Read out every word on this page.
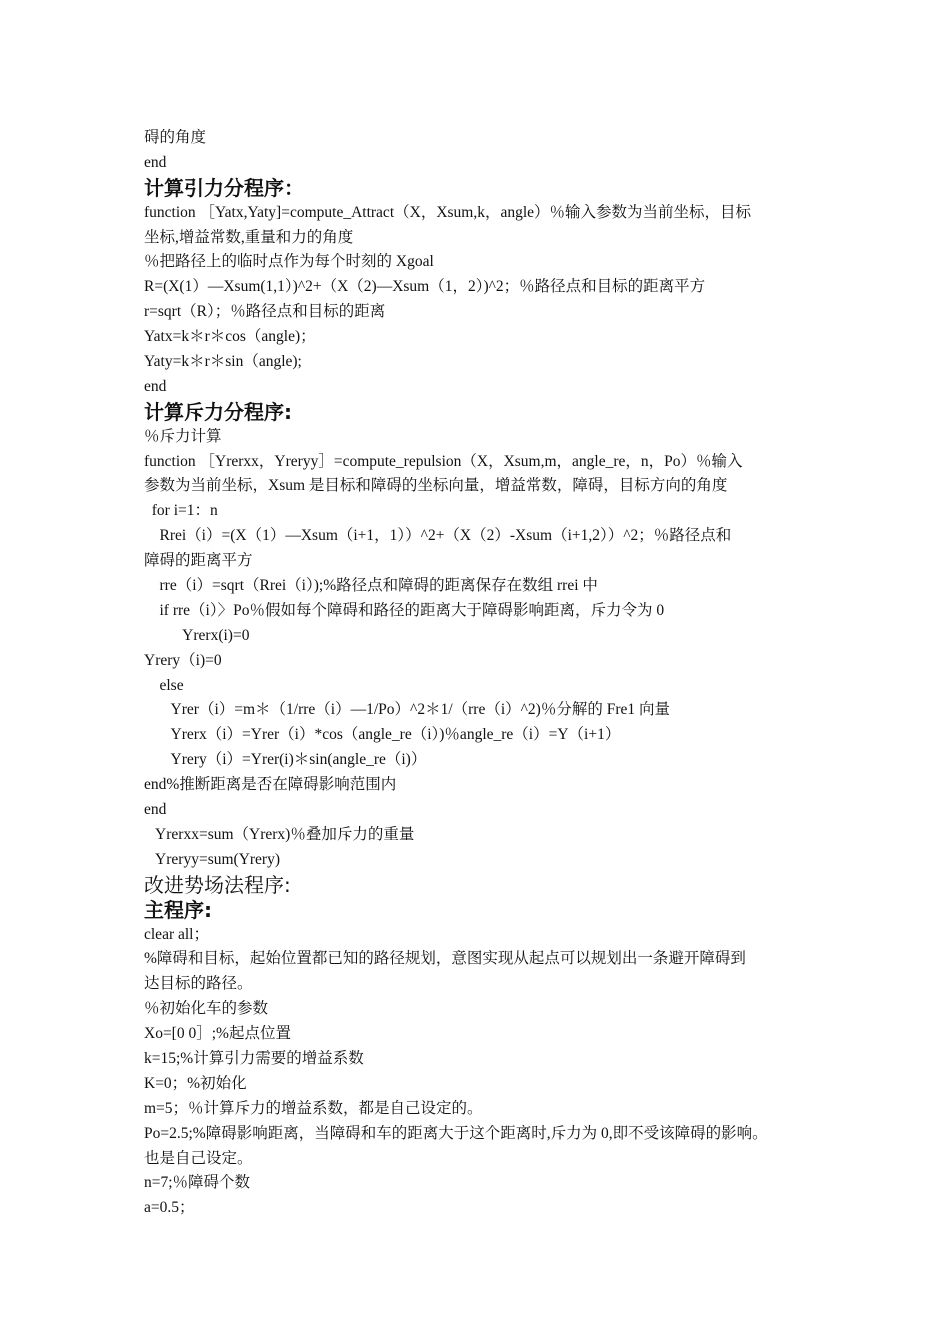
碍的角度
end
计算引力分程序：
function ［Yatx,Yaty]=compute_Attract（X，Xsum,k，angle）％输入参数为当前坐标，目标
坐标,增益常数,重量和力的角度
％把路径上的临时点作为每个时刻的 Xgoal
R=(X(1）—Xsum(1,1）)^2+（X（2)—Xsum（1，2）)^2；％路径点和目标的距离平方
r=sqrt（R）；％路径点和目标的距离
Yatx=k＊r＊cos（angle)；
Yaty=k＊r＊sin（angle);
end
计算斥力分程序:
％斥力计算
function ［Yrerxx，Yreryy］=compute_repulsion（X，Xsum,m，angle_re，n，Po）％输入
参数为当前坐标，Xsum 是目标和障碍的坐标向量，增益常数，障碍，目标方向的角度
for i=1：n
Rrei（i）=(X（1）—Xsum（i+1，1））^2+（X（2）-Xsum（i+1,2））^2；％路径点和
障碍的距离平方
rre（i）=sqrt（Rrei（i）);%路径点和障碍的距离保存在数组 rrei 中
if rre（i）〉Po％假如每个障碍和路径的距离大于障碍影响距离，斥力令为 0
Yrerx(i)=0
Yrery（i)=0
else
Yrer（i）=m＊（1/rre（i）—1/Po）^2＊1/（rre（i）^2)％分解的 Fre1 向量
Yrerx（i）=Yrer（i）*cos（angle_re（i）)％angle_re（i）=Y（i+1）
Yrery（i）=Yrer(i)＊sin(angle_re（i)）
end%推断距离是否在障碍影响范围内
end
Yrerxx=sum（Yrerx)％叠加斥力的重量
Yreryy=sum(Yrery)
改进势场法程序:
主程序:
clear all；
%障碍和目标，起始位置都已知的路径规划，意图实现从起点可以规划出一条避开障碍到
达目标的路径。
％初始化车的参数
Xo=[0 0］;%起点位置
k=15;%计算引力需要的增益系数
K=0；%初始化
m=5；％计算斥力的增益系数，都是自己设定的。
Po=2.5;%障碍影响距离，当障碍和车的距离大于这个距离时,斥力为 0,即不受该障碍的影响。
也是自己设定。
n=7;％障碍个数
a=0.5；
